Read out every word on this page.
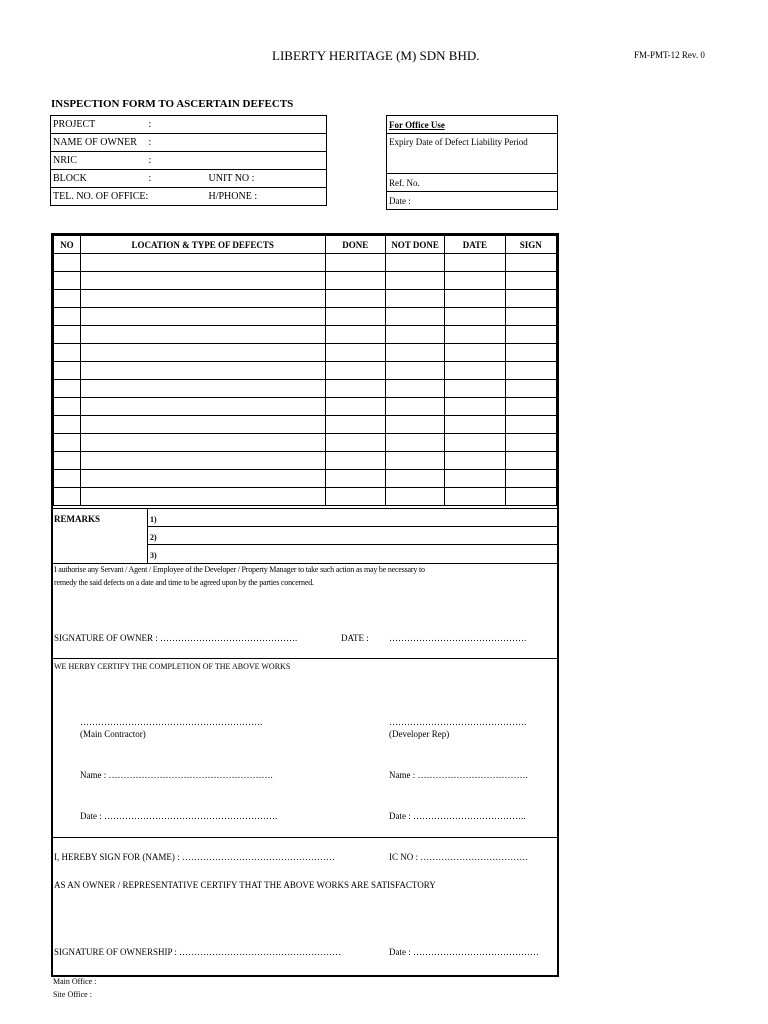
LIBERTY HERITAGE (M) SDN BHD.	FM-PMT-12 Rev. 0
INSPECTION FORM TO ASCERTAIN DEFECTS
PROJECT	:

NAME OF OWNER :

NRIC	:

BLOCK	:	UNIT NO :

TEL. NO. OF OFFICE:	H/PHONE :
For Office Use
Expiry Date of Defect Liability Period
Ref. No.
Date :
NO	LOCATION & TYPE OF DEFECTS	DONE	NOT DONE	DATE	SIGN

REMARKS	1)
2)
3)
I authorise any Servant / Agent / Employee of the Developer / Property Manager to take such action as may be necessary to
remedy the said defects on a date and time to be agreed upon by the parties concerned.
SIGNATURE OF OWNER : ……………………………………….	DATE : ……………………………………….
WE HERBY CERTIFY THE COMPLETION OF THE ABOVE WORKS
…………………………………………………….
(Main Contractor)
……………………………………….
(Developer Rep)
Name : ……………………………………………….	Name : ……………………………….
Date : ………………………………………………….	Date : ………………………………..
I, HEREBY SIGN FOR (NAME) : ……………………………………………	IC NO : ………………………………
AS AN OWNER / REPRESENTATIVE CERTIFY THAT THE ABOVE WORKS ARE SATISFACTORY
SIGNATURE OF OWNERSHIP : ………………………………………………	Date : ……………………………………
Main Office :
Site Office :
